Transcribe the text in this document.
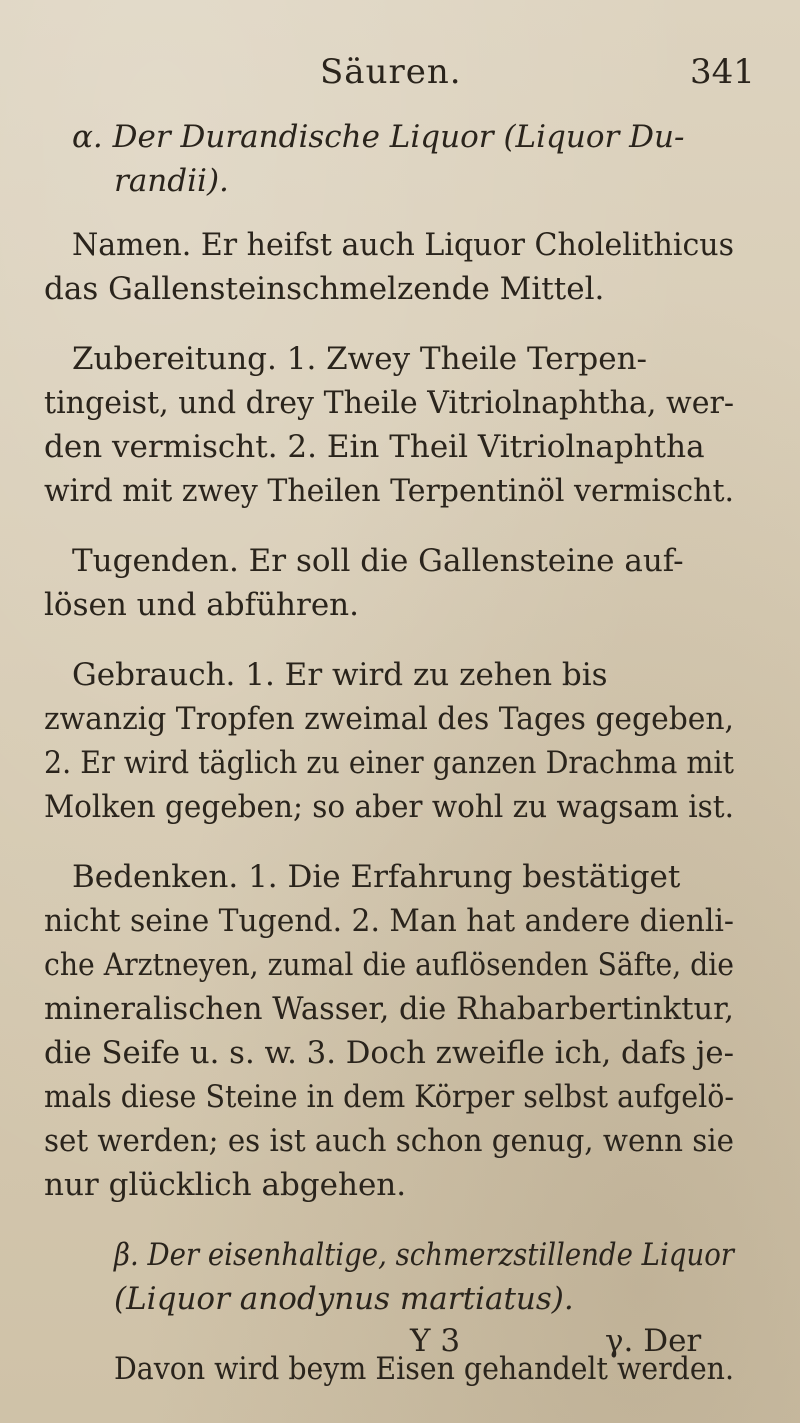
Säuren.	341
α. Der Durandische Liquor (Liquor Du-
randii).
Namen. Er heifst auch Liquor Cholelithicus
das Gallensteinschmelzende Mittel.
Zubereitung. 1. Zwey Theile Terpen-
tingeist, und drey Theile Vitriolnaphtha, wer-
den vermischt. 2. Ein Theil Vitriolnaphtha
wird mit zwey Theilen Terpentinöl vermischt.
Tugenden. Er soll die Gallensteine auf-
lösen und abführen.
Gebrauch. 1. Er wird zu zehen bis
zwanzig Tropfen zweimal des Tages gegeben,
2. Er wird täglich zu einer ganzen Drachma mit
Molken gegeben; so aber wohl zu wagsam ist.
Bedenken. 1. Die Erfahrung bestätiget
nicht seine Tugend. 2. Man hat andere dienli-
che Arztneyen, zumal die auflösenden Säfte, die
mineralischen Wasser, die Rhabarbertinktur,
die Seife u. s. w. 3. Doch zweifle ich, dafs je-
mals diese Steine in dem Körper selbst aufgelö-
set werden; es ist auch schon genug, wenn sie
nur glücklich abgehen.
β. Der eisenhaltige, schmerzstillende Liquor
(Liquor anodynus martiatus).
Davon wird beym Eisen gehandelt werden.
Y 3	γ. Der
